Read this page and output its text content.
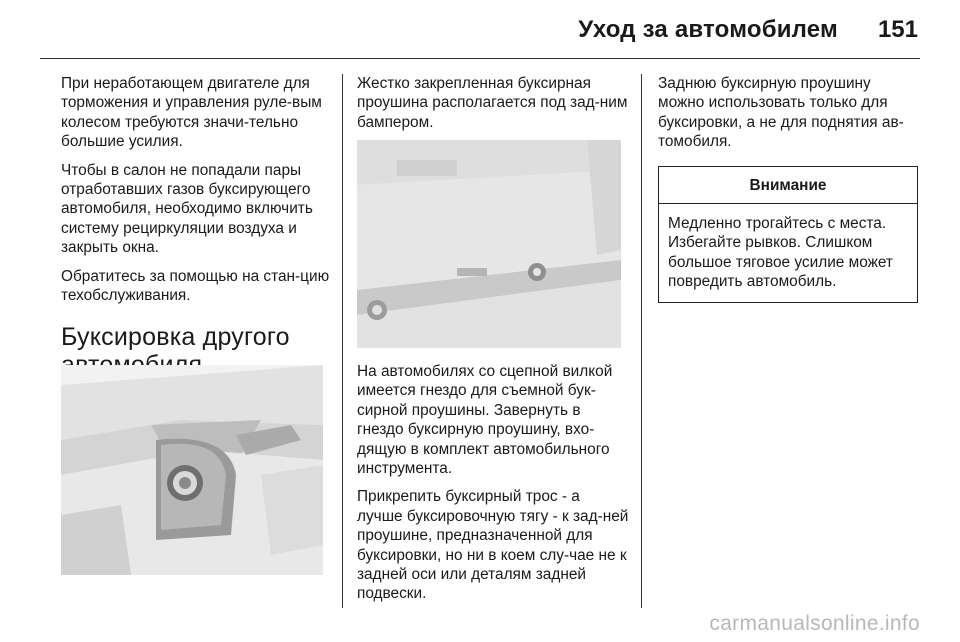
Уход за автомобилем 151

При неработающем двигателе для торможения и управления руле-вым колесом требуются значи-тельно большие усилия.

Чтобы в салон не попадали пары отработавших газов буксирующего автомобиля, необходимо включить систему рециркуляции воздуха и закрыть окна.

Обратитесь за помощью на стан-цию техобслуживания.

Буксировка другого

Жестко закрепленная буксирная проушина располагается под зад-ним бампером.

На автомобилях со сцепной вилкой имеется гнездо для съемной бук-сирной проушины. Завернуть в гнездо буксирную проушину, вхо-дящую в комплект автомобильного инструмента.

Прикрепить буксирный трос - а лучше буксировочную тягу - к зад-ней проушине, предназначенной для буксировки, но ни в коем слу-чае не к задней оси или деталям задней подвески.

Заднюю буксирную проушину можно использовать только для буксировки, а не для поднятия ав-томобиля.

Внимание
Медленно трогайтесь с места. Избегайте рывков. Слишком большое тяговое усилие может повредить автомобиль.
carmanualsonline.info
